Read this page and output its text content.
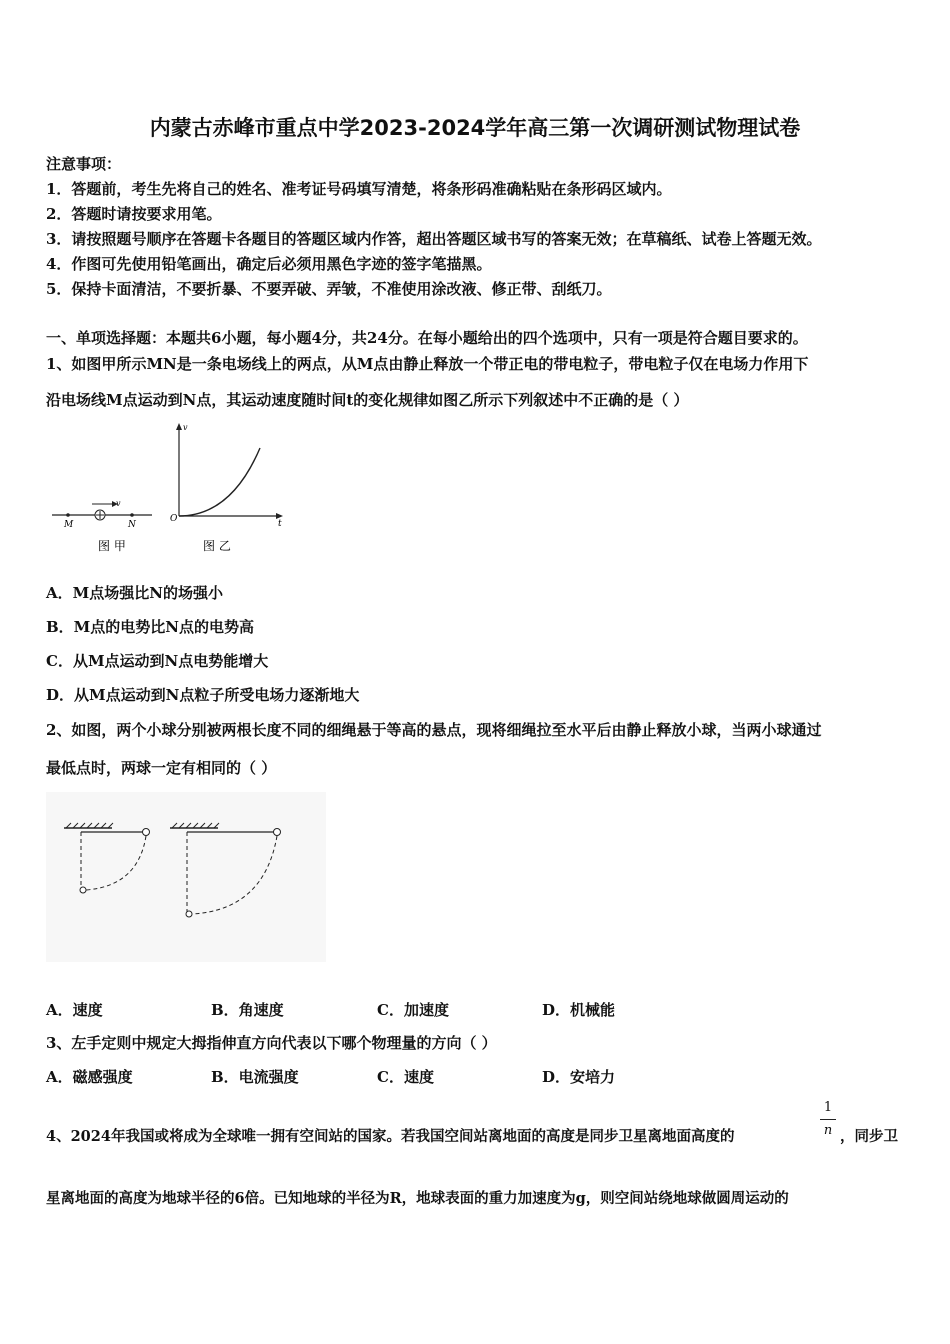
内蒙古赤峰市重点中学2023-2024学年高三第一次调研测试物理试卷
注意事项：
1．答题前，考生先将自己的姓名、准考证号码填写清楚，将条形码准确粘贴在条形码区域内。
2．答题时请按要求用笔。
3．请按照题号顺序在答题卡各题目的答题区域内作答，超出答题区域书写的答案无效；在草稿纸、试卷上答题无效。
4．作图可先使用铅笔画出，确定后必须用黑色字迹的签字笔描黑。
5．保持卡面清洁，不要折暴、不要弄破、弄皱，不准使用涂改液、修正带、刮纸刀。
一、单项选择题：本题共6小题，每小题4分，共24分。在每小题给出的四个选项中，只有一项是符合题目要求的。
1、如图甲所示MN是一条电场线上的两点，从M点由静止释放一个带正电的带电粒子，带电粒子仅在电场力作用下
沿电场线M点运动到N点，其运动速度随时间t的变化规律如图乙所示下列叙述中不正确的是（ ）
M	N
v
v
O	t
图 甲	图 乙
A．M点场强比N的场强小
B．M点的电势比N点的电势高
C．从M点运动到N点电势能增大
D．从M点运动到N点粒子所受电场力逐渐地大
2、如图，两个小球分别被两根长度不同的细绳悬于等高的悬点，现将细绳拉至水平后由静止释放小球，当两小球通过
最低点时，两球一定有相同的（ ）
A．速度	B．角速度	C．加速度	D．机械能
3、左手定则中规定大拇指伸直方向代表以下哪个物理量的方向（ ）
A．磁感强度	B．电流强度	C．速度	D．安培力
4、2024年我国或将成为全球唯一拥有空间站的国家。若我国空间站离地面的高度是同步卫星离地面高度的
1
n ，同步卫
星离地面的高度为地球半径的6倍。已知地球的半径为R，地球表面的重力加速度为g，则空间站绕地球做圆周运动的
